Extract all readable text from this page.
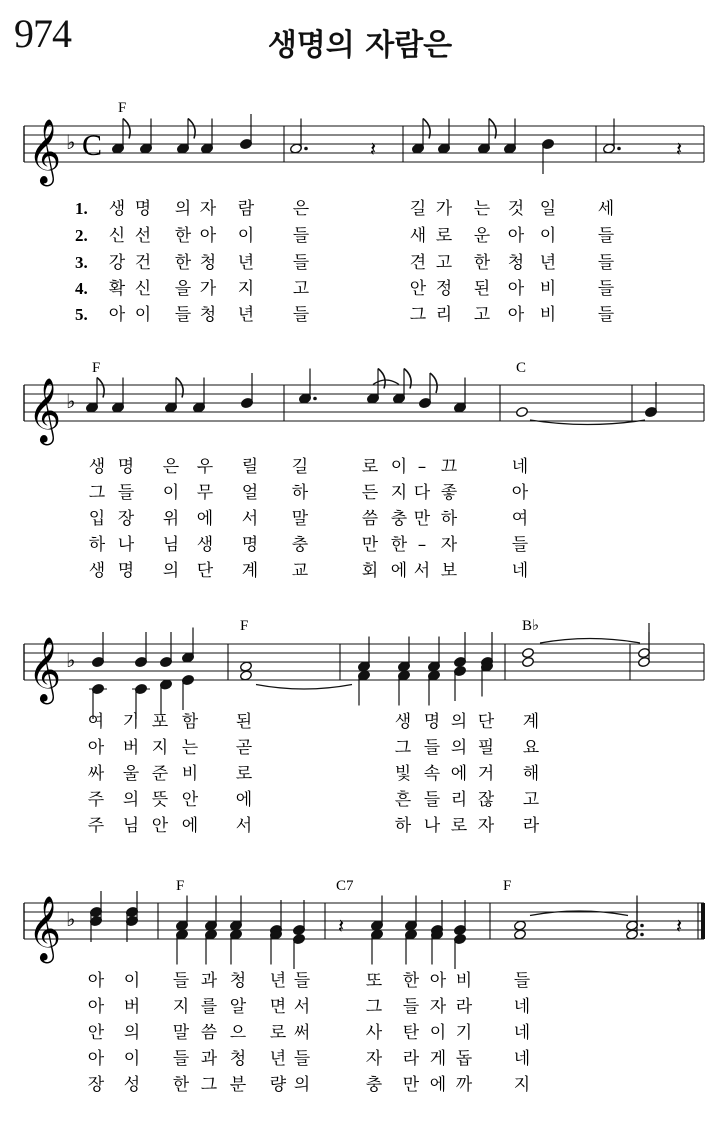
974	생명의 자람은
𝄞 ♭ C	𝄽	𝄽
𝄞 ♭
𝄞 ♭
𝄞 ♭	𝄽	𝄽
F
1.
2.
3.
4.
5.
생 명 의 자 람 은	길 가 는 것 일 세
신 선 한 아 이 들	새 로 운 아 이 들
강 건 한 청 년 들	견 고 한 청 년 들
확 신 을 가 지 고	안 정 된 아 비 들
아 이 들 청 년 들	그 리 고 아 비 들
F	C
생 명 은 우 릴 길	로 이 – 끄	네
그 들 이 무 얼 하	든 지 다 좋	아
입 장 위 에 서 말	씀 충 만 하	여
하 나 님 생 명 충	만 한 – 자	들
생 명 의 단 계 교	회 에 서 보	네
F	B♭
여 기 포 함 된	생 명 의 단 계
아 버 지 는 곧	그 들 의 필 요
싸 울 준 비 로	빛 속 에 거 해
주 의 뜻 안 에	흔 들 리 잖 고
주 님 안 에 서	하 나 로 자 라
F	C7	F
아 이 들 과 청 년 들	또 한 아 비 들
아 버 지 를 알 면 서	그 들 자 라 네
안 의 말 씀 으 로 써	사 탄 이 기 네
아 이 들 과 청 년 들	자 라 게 돕 네
장 성 한 그 분 량 의	충 만 에 까 지
